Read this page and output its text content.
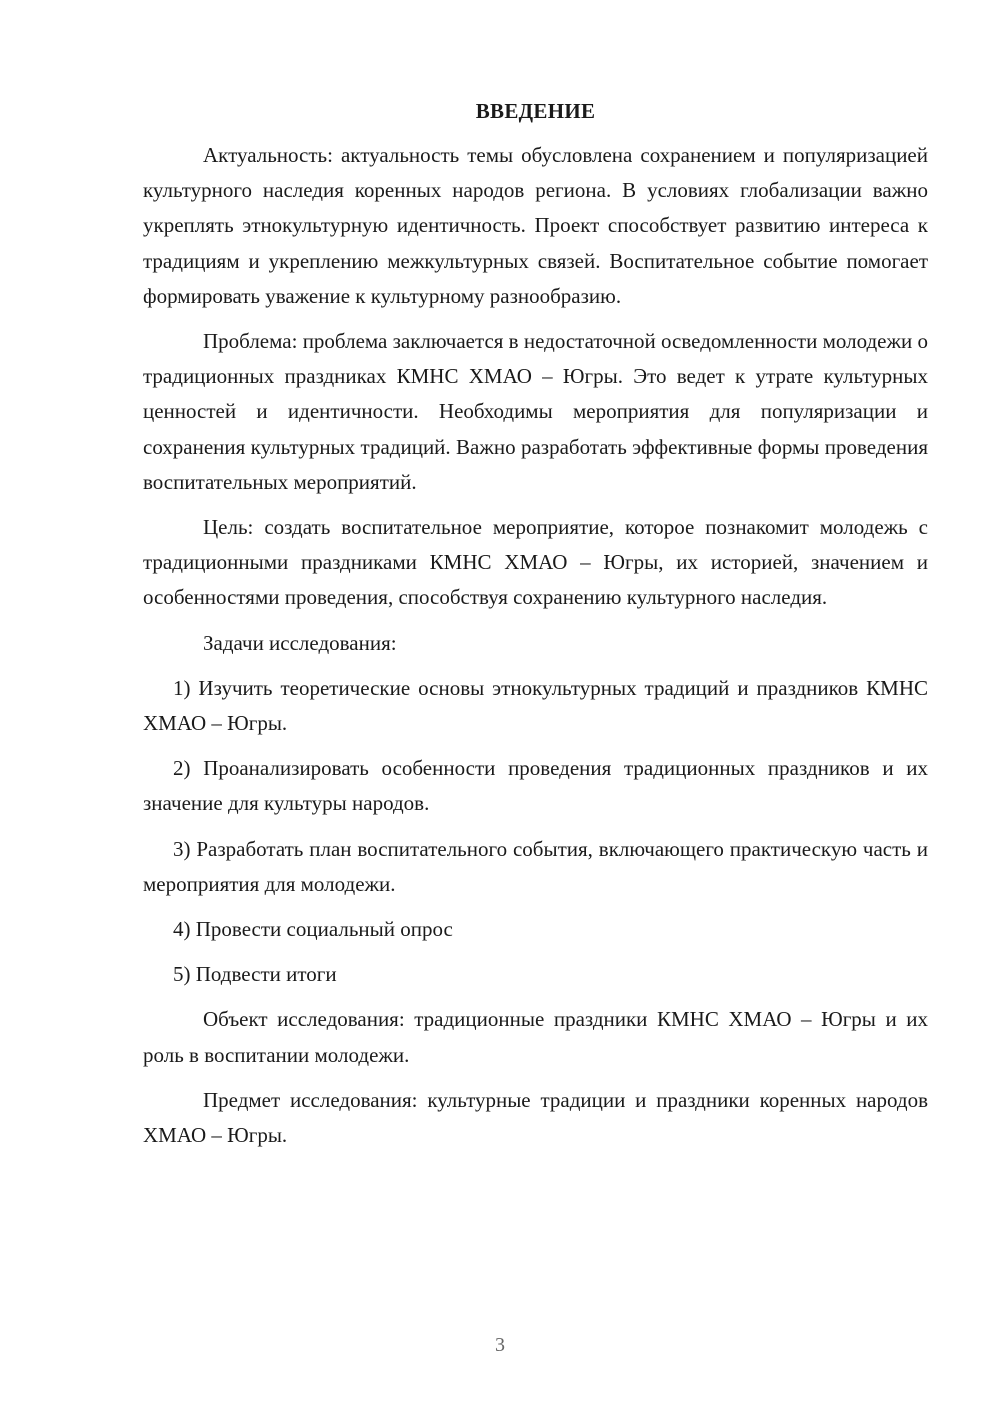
ВВЕДЕНИЕ

Актуальность: актуальность темы обусловлена сохранением и популяризацией культурного наследия коренных народов региона. В условиях глобализации важно укреплять этнокультурную идентичность. Проект способствует развитию интереса к традициям и укреплению межкультурных связей. Воспитательное событие помогает формировать уважение к культурному разнообразию.

Проблема: проблема заключается в недостаточной осведомленности молодежи о традиционных праздниках КМНС ХМАО – Югры. Это ведет к утрате культурных ценностей и идентичности. Необходимы мероприятия для популяризации и сохранения культурных традиций. Важно разработать эффективные формы проведения воспитательных мероприятий.

Цель: создать воспитательное мероприятие, которое познакомит молодежь с традиционными праздниками КМНС ХМАО – Югры, их историей, значением и особенностями проведения, способствуя сохранению культурного наследия.

Задачи исследования:

1) Изучить теоретические основы этнокультурных традиций и праздников КМНС ХМАО – Югры.

2) Проанализировать особенности проведения традиционных праздников и их значение для культуры народов.

3) Разработать план воспитательного события, включающего практическую часть и мероприятия для молодежи.

4) Провести социальный опрос

5) Подвести итоги

Объект исследования: традиционные праздники КМНС ХМАО – Югры и их роль в воспитании молодежи.

Предмет исследования: культурные традиции и праздники коренных народов ХМАО – Югры.

3
